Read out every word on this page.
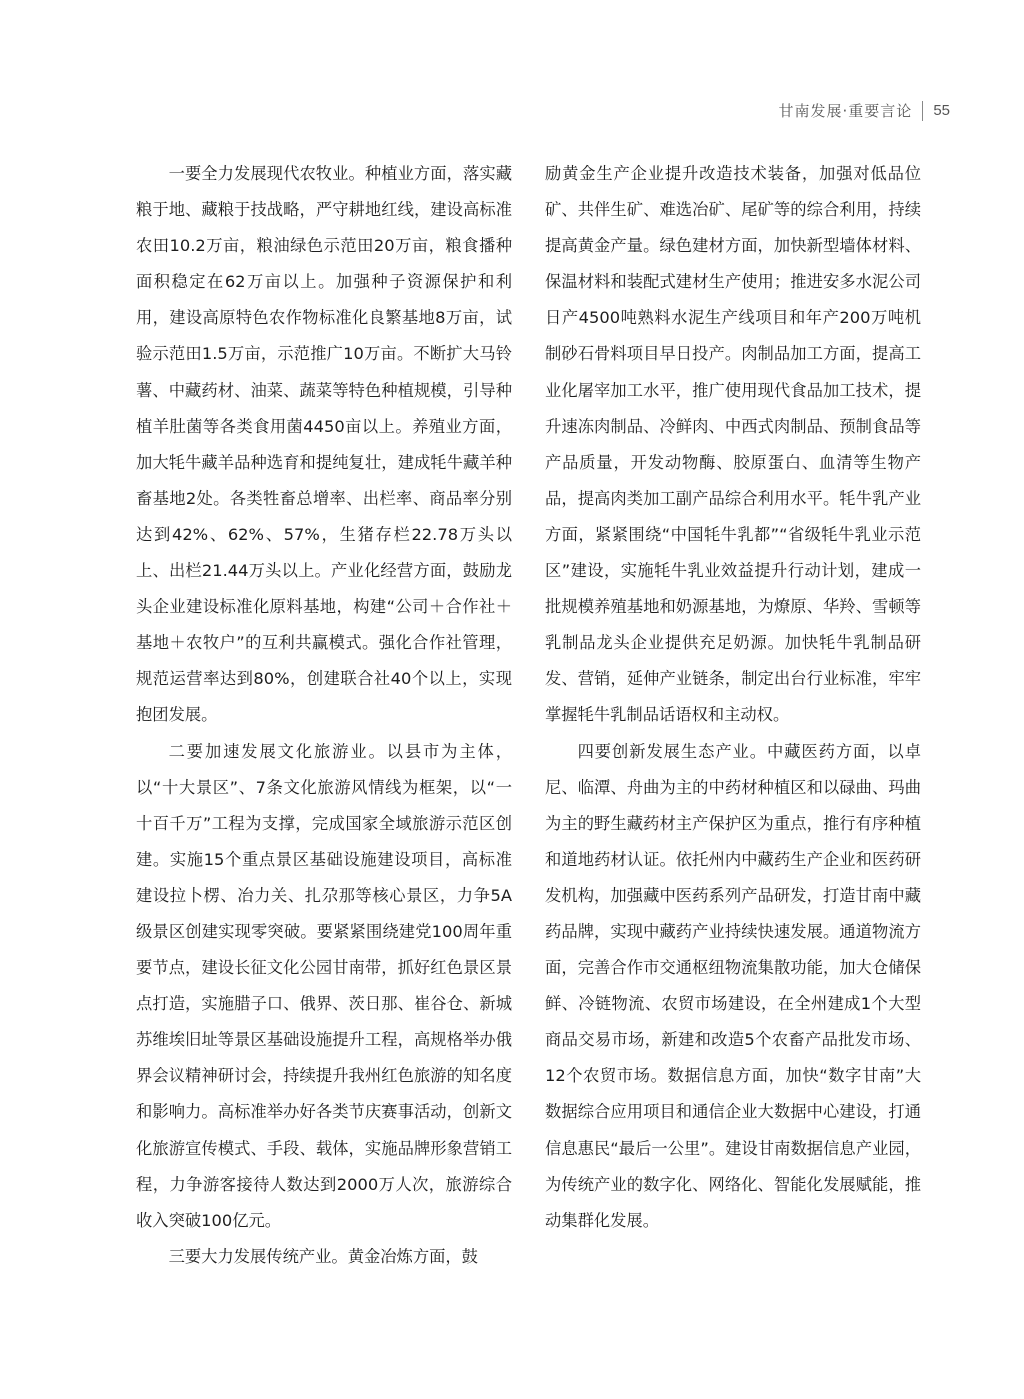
甘南发展·重要言论 55

一要全力发展现代农牧业。种植业方面，落实藏粮于地、藏粮于技战略，严守耕地红线，建设高标准农田10.2万亩，粮油绿色示范田20万亩，粮食播种面积稳定在62万亩以上。加强种子资源保护和利用，建设高原特色农作物标准化良繁基地8万亩，试验示范田1.5万亩，示范推广10万亩。不断扩大马铃薯、中藏药材、油菜、蔬菜等特色种植规模，引导种植羊肚菌等各类食用菌4450亩以上。养殖业方面，加大牦牛藏羊品种选育和提纯复壮，建成牦牛藏羊种畜基地2处。各类牲畜总增率、出栏率、商品率分别达到42%、62%、57%，生猪存栏22.78万头以上、出栏21.44万头以上。产业化经营方面，鼓励龙头企业建设标准化原料基地，构建“公司＋合作社＋基地＋农牧户”的互利共赢模式。强化合作社管理，规范运营率达到80%，创建联合社40个以上，实现抱团发展。

二要加速发展文化旅游业。以县市为主体，以“十大景区”、7条文化旅游风情线为框架，以“一十百千万”工程为支撑，完成国家全域旅游示范区创建。实施15个重点景区基础设施建设项目，高标准建设拉卜楞、冶力关、扎尕那等核心景区，力争5A级景区创建实现零突破。要紧紧围绕建党100周年重要节点，建设长征文化公园甘南带，抓好红色景区景点打造，实施腊子口、俄界、茨日那、崔谷仓、新城苏维埃旧址等景区基础设施提升工程，高规格举办俄界会议精神研讨会，持续提升我州红色旅游的知名度和影响力。高标准举办好各类节庆赛事活动，创新文化旅游宣传模式、手段、载体，实施品牌形象营销工程，力争游客接待人数达到2000万人次，旅游综合收入突破100亿元。

三要大力发展传统产业。黄金冶炼方面，鼓

励黄金生产企业提升改造技术装备，加强对低品位矿、共伴生矿、难选冶矿、尾矿等的综合利用，持续提高黄金产量。绿色建材方面，加快新型墙体材料、保温材料和装配式建材生产使用；推进安多水泥公司日产4500吨熟料水泥生产线项目和年产200万吨机制砂石骨料项目早日投产。肉制品加工方面，提高工业化屠宰加工水平，推广使用现代食品加工技术，提升速冻肉制品、冷鲜肉、中西式肉制品、预制食品等产品质量，开发动物酶、胶原蛋白、血清等生物产品，提高肉类加工副产品综合利用水平。牦牛乳产业方面，紧紧围绕“中国牦牛乳都”“省级牦牛乳业示范区”建设，实施牦牛乳业效益提升行动计划，建成一批规模养殖基地和奶源基地，为燎原、华羚、雪顿等乳制品龙头企业提供充足奶源。加快牦牛乳制品研发、营销，延伸产业链条，制定出台行业标准，牢牢掌握牦牛乳制品话语权和主动权。

四要创新发展生态产业。中藏医药方面，以卓尼、临潭、舟曲为主的中药材种植区和以碌曲、玛曲为主的野生藏药材主产保护区为重点，推行有序种植和道地药材认证。依托州内中藏药生产企业和医药研发机构，加强藏中医药系列产品研发，打造甘南中藏药品牌，实现中藏药产业持续快速发展。通道物流方面，完善合作市交通枢纽物流集散功能，加大仓储保鲜、冷链物流、农贸市场建设，在全州建成1个大型商品交易市场，新建和改造5个农畜产品批发市场、12个农贸市场。数据信息方面，加快“数字甘南”大数据综合应用项目和通信企业大数据中心建设，打通信息惠民“最后一公里”。建设甘南数据信息产业园，为传统产业的数字化、网络化、智能化发展赋能，推动集群化发展。
